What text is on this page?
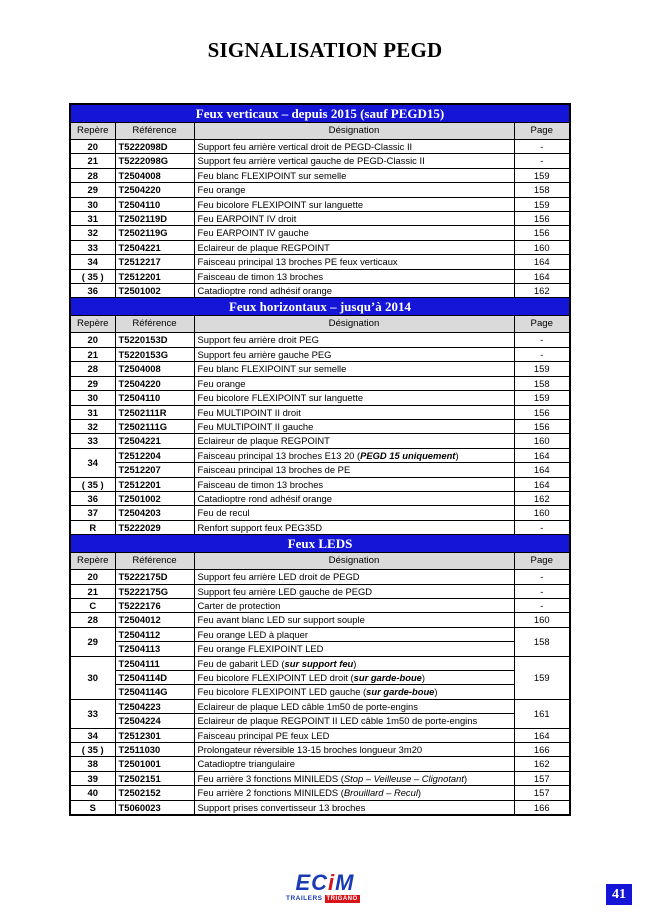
SIGNALISATION PEGD
Feux verticaux – depuis 2015 (sauf PEGD15)			
Repère	Référence	Désignation	Page
20	T5222098D	Support feu arrière vertical droit de PEGD-Classic II	-
21	T5222098G	Support feu arrière vertical gauche de PEGD-Classic II	-
28	T2504008	Feu blanc FLEXIPOINT sur semelle	159
29	T2504220	Feu orange	158
30	T2504110	Feu bicolore FLEXIPOINT sur languette	159
31	T2502119D	Feu EARPOINT IV droit	156
32	T2502119G	Feu EARPOINT IV gauche	156
33	T2504221	Eclaireur de plaque REGPOINT	160
34	T2512217	Faisceau principal 13 broches PE feux verticaux	164
( 35 )	T2512201	Faisceau de timon 13 broches	164
36	T2501002	Catadioptre rond adhésif orange	162
Feux horizontaux – jusqu’à 2014			
Repère	Référence	Désignation	Page
20	T5220153D	Support feu arrière droit PEG	-
21	T5220153G	Support feu arrière gauche PEG	-
28	T2504008	Feu blanc FLEXIPOINT sur semelle	159
29	T2504220	Feu orange	158
30	T2504110	Feu bicolore FLEXIPOINT sur languette	159
31	T2502111R	Feu MULTIPOINT II droit	156
32	T2502111G	Feu MULTIPOINT II gauche	156
33	T2504221	Eclaireur de plaque REGPOINT	160
34	T2512204	Faisceau principal 13 broches E13 20 (PEGD 15 uniquement)	164
	T2512207	Faisceau principal 13 broches de PE	164
( 35 )	T2512201	Faisceau de timon 13 broches	164
36	T2501002	Catadioptre rond adhésif orange	162
37	T2504203	Feu de recul	160
R	T5222029	Renfort support feux PEG35D	-
Feux LEDS			
Repère	Référence	Désignation	Page
20	T5222175D	Support feu arrière LED droit de PEGD	-
21	T5222175G	Support feu arrière LED gauche de PEGD	-
C	T5222176	Carter de protection	-
28	T2504012	Feu avant blanc LED sur support souple	160
29	T2504112	Feu orange LED à plaquer	158
	T2504113	Feu orange FLEXIPOINT LED	
30	T2504111	Feu de gabarit LED (sur support feu)	159
	T2504114D	Feu bicolore FLEXIPOINT LED droit (sur garde-boue)	
	T2504114G	Feu bicolore FLEXIPOINT LED gauche (sur garde-boue)	
33	T2504223	Eclaireur de plaque LED câble 1m50 de porte-engins	161
	T2504224	Eclaireur de plaque REGPOINT II LED câble 1m50 de porte-engins	
34	T2512301	Faisceau principal PE feux LED	164
( 35 )	T2511030	Prolongateur réversible 13-15 broches longueur 3m20	166
38	T2501001	Catadioptre triangulaire	162
39	T2502151	Feu arrière 3 fonctions MINILEDS (Stop – Veilleuse – Clignotant)	157
40	T2502152	Feu arrière 2 fonctions MINILEDS (Brouillard – Recul)	157
S	T5060023	Support prises convertisseur 13 broches	166
ECiM
TRAILERS TRIGANO	41
